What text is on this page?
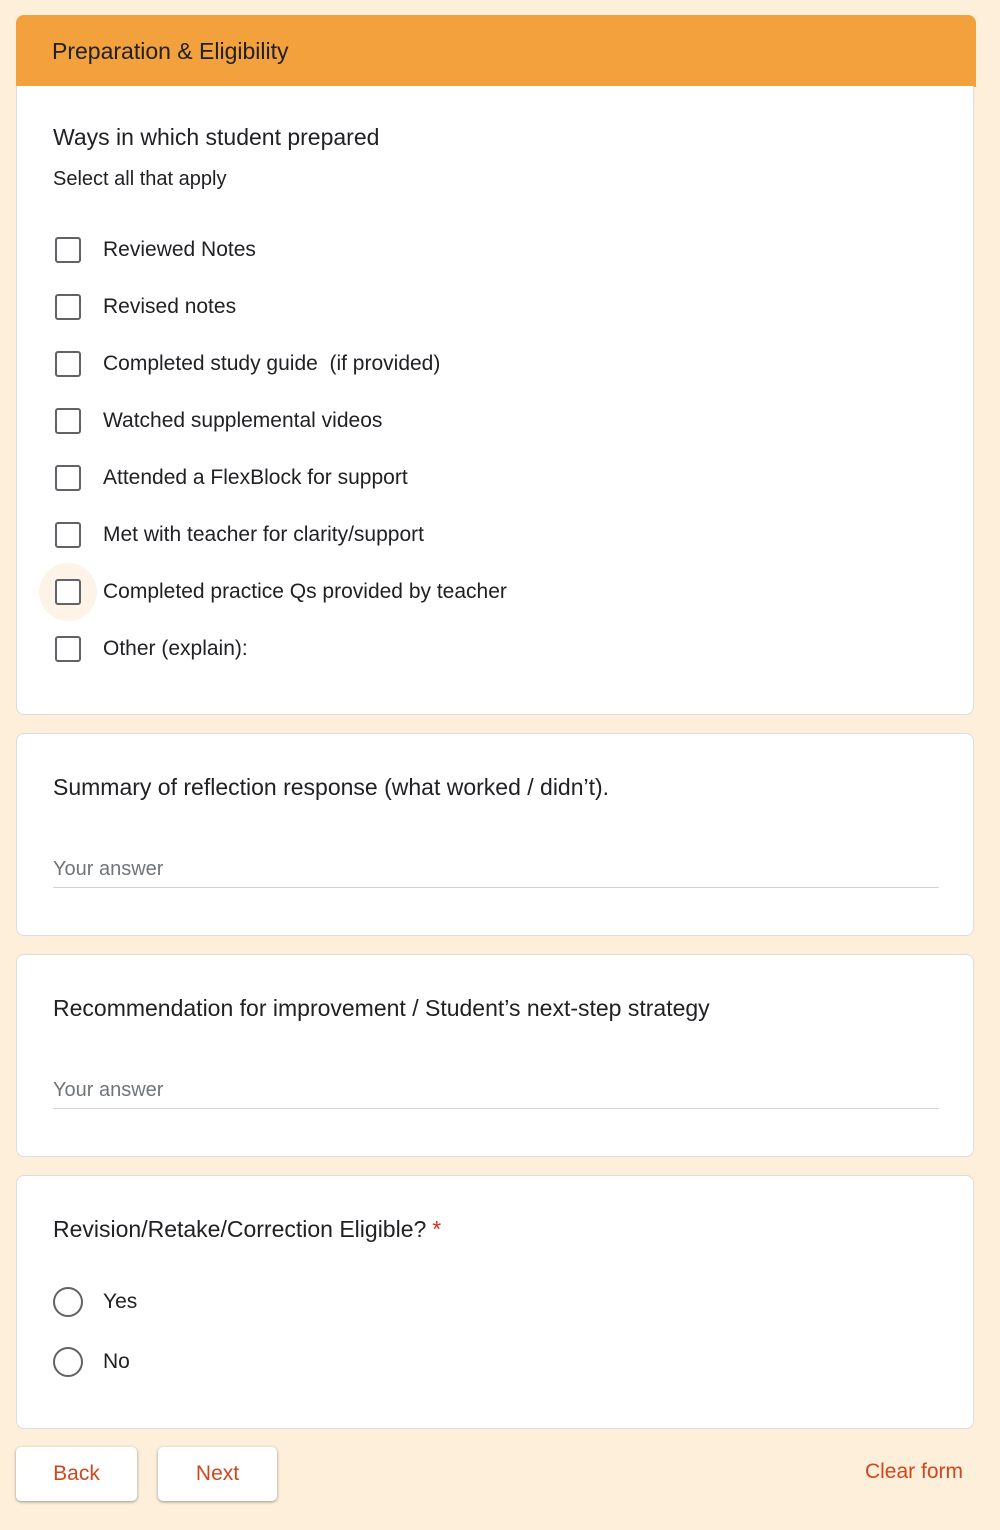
Preparation & Eligibility
Ways in which student prepared
Select all that apply
Reviewed Notes
Revised notes
Completed study guide  (if provided)
Watched supplemental videos
Attended a FlexBlock for support
Met with teacher for clarity/support
Completed practice Qs provided by teacher
Other (explain):
Summary of reflection response (what worked / didn’t).
Your answer
Recommendation for improvement / Student’s next-step strategy
Your answer
Revision/Retake/Correction Eligible? *
Yes
No
Back	Next	Clear form
